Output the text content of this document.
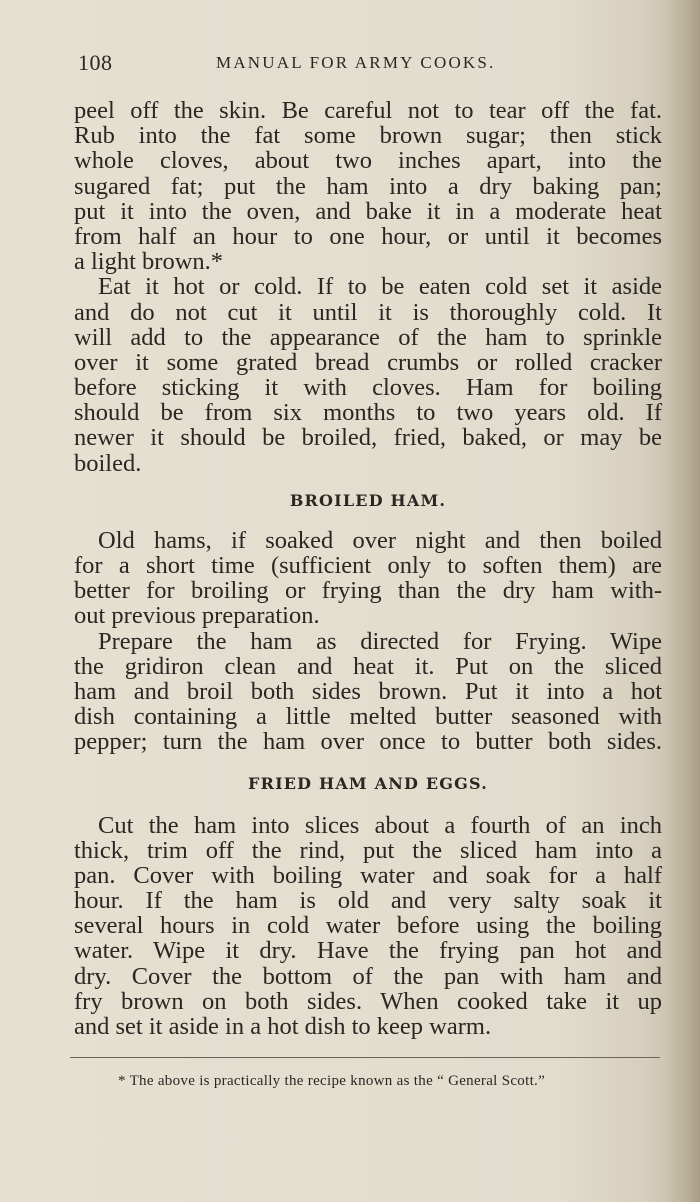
108	MANUAL FOR ARMY COOKS.
peel off the skin. Be careful not to tear off the fat.
Rub into the fat some brown sugar; then stick
whole cloves, about two inches apart, into the
sugared fat; put the ham into a dry baking pan;
put it into the oven, and bake it in a moderate heat
from half an hour to one hour, or until it becomes
a light brown.*
Eat it hot or cold. If to be eaten cold set it aside
and do not cut it until it is thoroughly cold. It
will add to the appearance of the ham to sprinkle
over it some grated bread crumbs or rolled cracker
before sticking it with cloves. Ham for boiling
should be from six months to two years old. If
newer it should be broiled, fried, baked, or may be
boiled.
BROILED HAM.
Old hams, if soaked over night and then boiled
for a short time (sufficient only to soften them) are
better for broiling or frying than the dry ham with-
out previous preparation.
Prepare the ham as directed for Frying. Wipe
the gridiron clean and heat it. Put on the sliced
ham and broil both sides brown. Put it into a hot
dish containing a little melted butter seasoned with
pepper; turn the ham over once to butter both sides.
FRIED HAM AND EGGS.
Cut the ham into slices about a fourth of an inch
thick, trim off the rind, put the sliced ham into a
pan. Cover with boiling water and soak for a half
hour. If the ham is old and very salty soak it
several hours in cold water before using the boiling
water. Wipe it dry. Have the frying pan hot and
dry. Cover the bottom of the pan with ham and
fry brown on both sides. When cooked take it up
and set it aside in a hot dish to keep warm.
* The above is practically the recipe known as the “ General Scott.”
